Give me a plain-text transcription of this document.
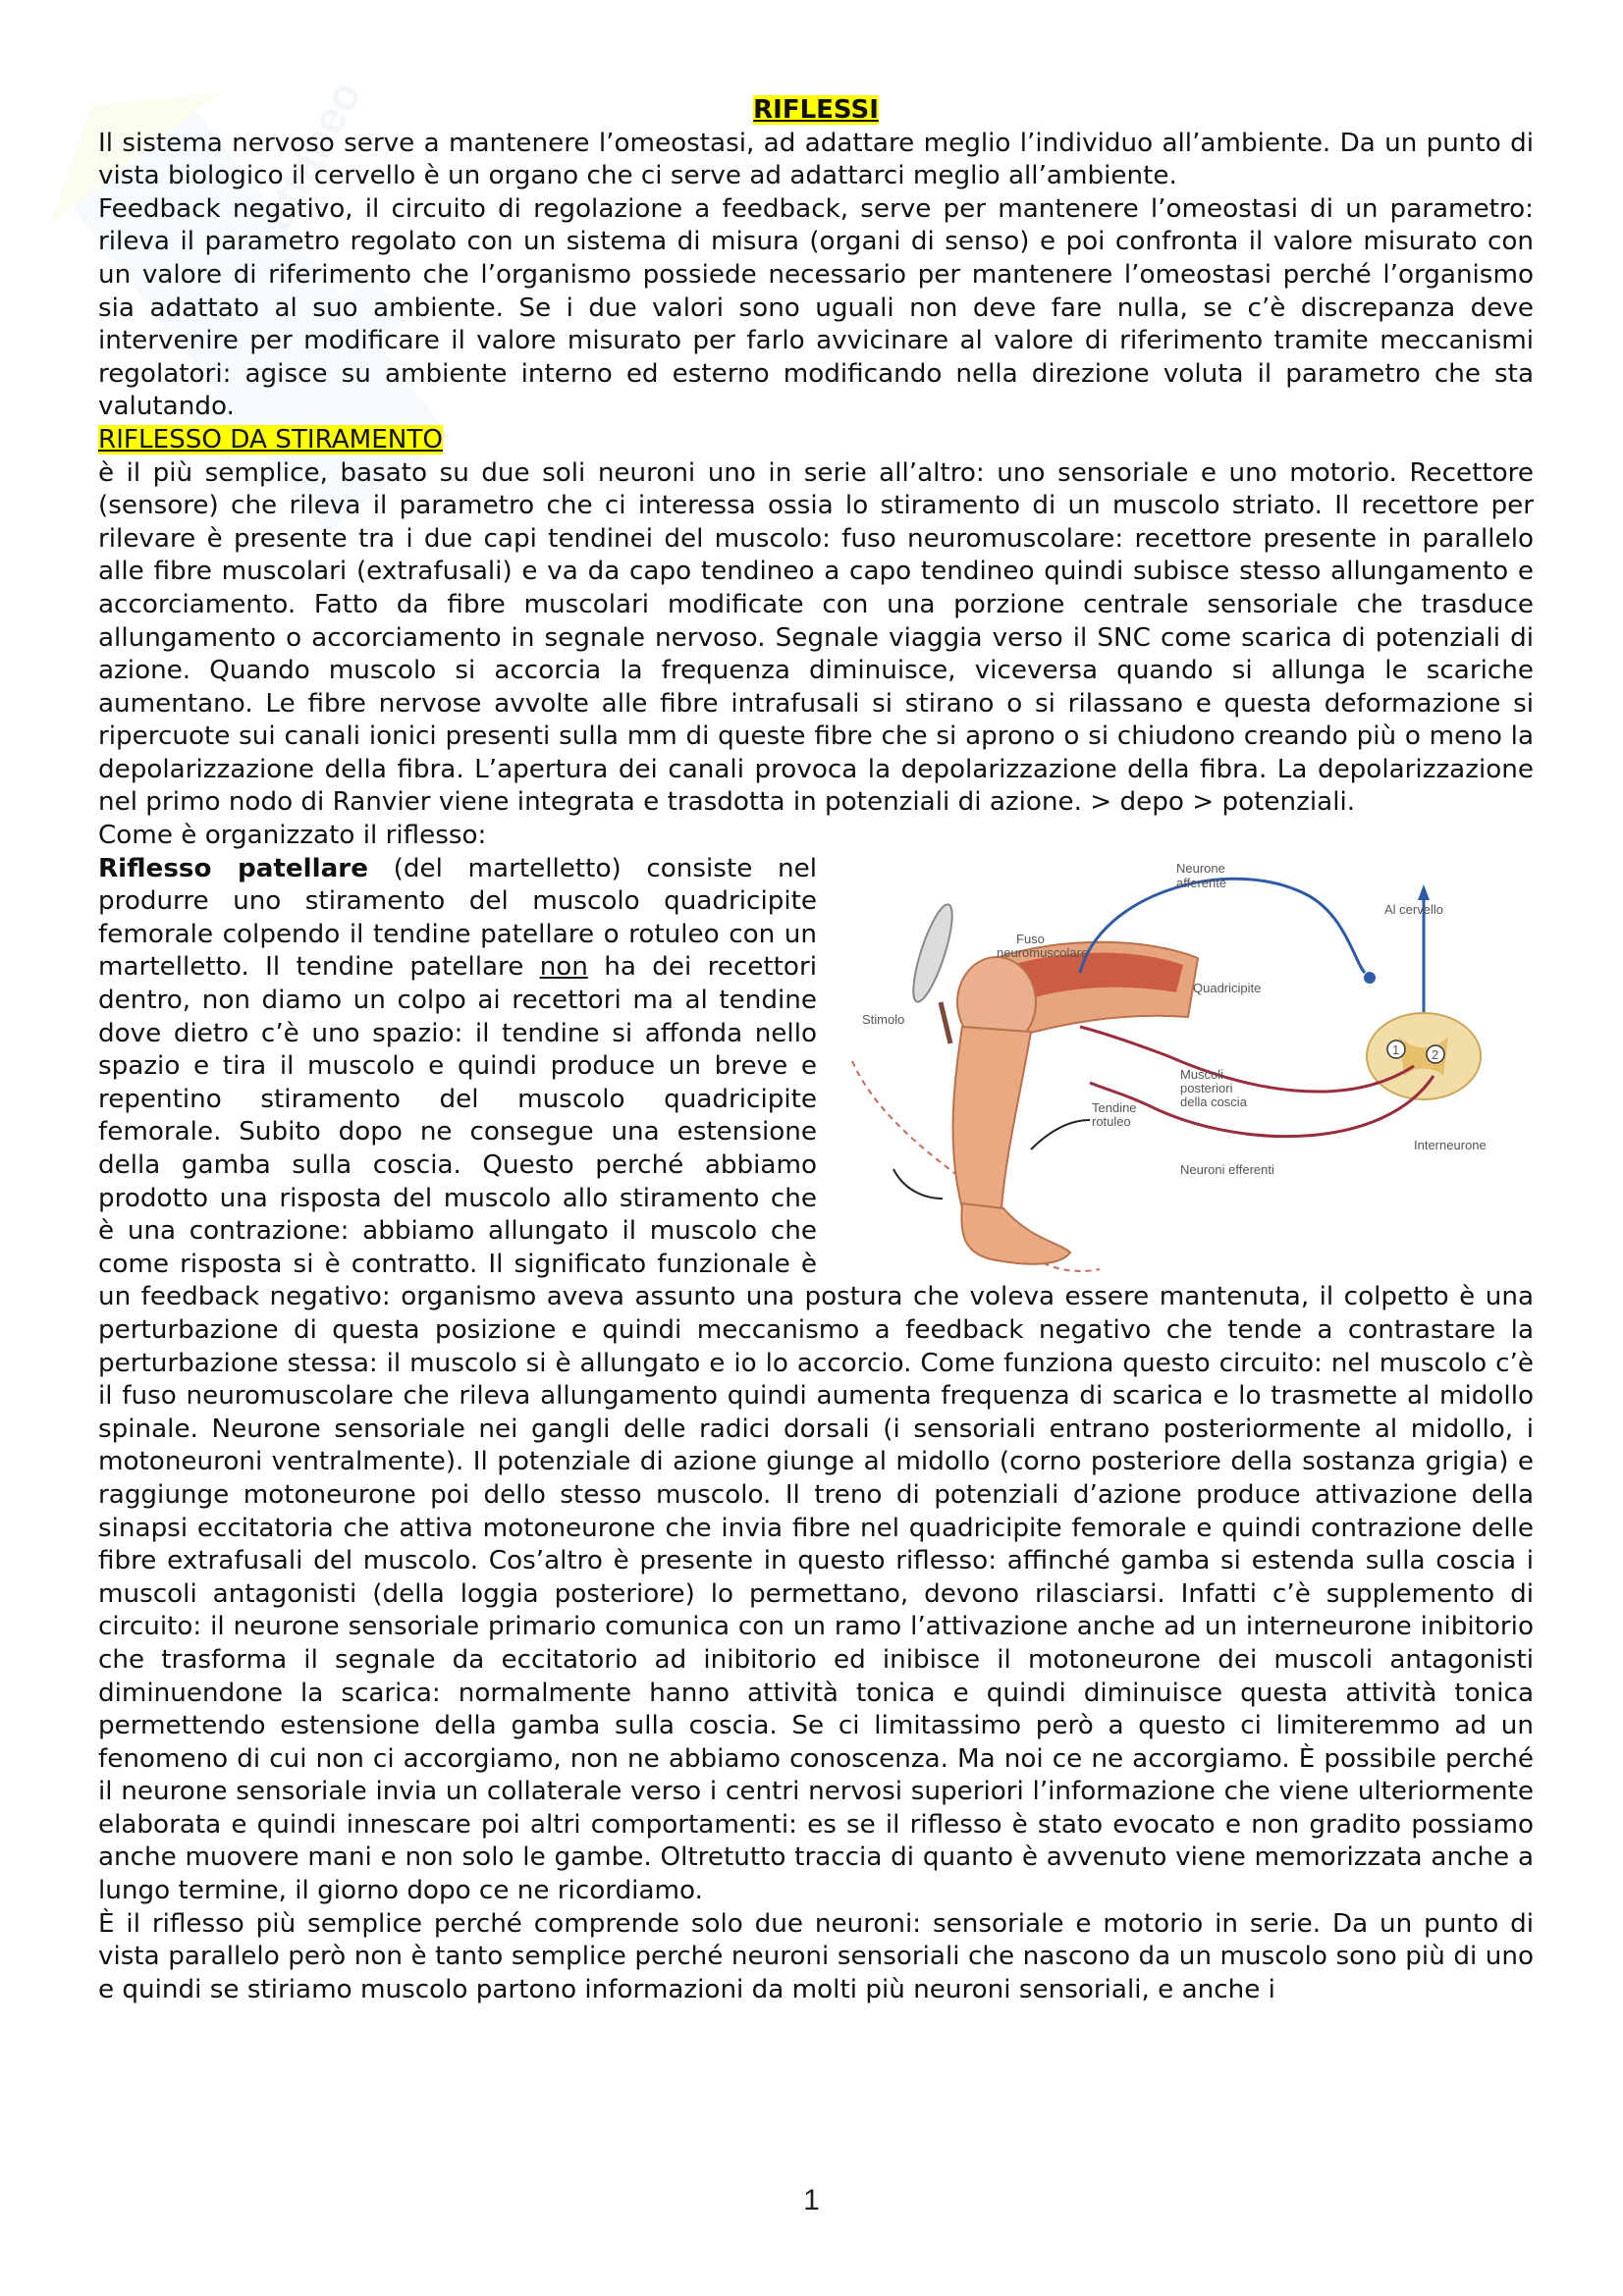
cattaneo	RIFLESSI

Il sistema nervoso serve a mantenere l’omeostasi, ad adattare meglio l’individuo all’ambiente. Da un punto di vista biologico il cervello è un organo che ci serve ad adattarci meglio all’ambiente.

Feedback negativo, il circuito di regolazione a feedback, serve per mantenere l’omeostasi di un parametro: rileva il parametro regolato con un sistema di misura (organi di senso) e poi confronta il valore misurato con un valore di riferimento che l’organismo possiede necessario per mantenere l’omeostasi perché l’organismo sia adattato al suo ambiente. Se i due valori sono uguali non deve fare nulla, se c’è discrepanza deve intervenire per modificare il valore misurato per farlo avvicinare al valore di riferimento tramite meccanismi regolatori: agisce su ambiente interno ed esterno modificando nella direzione voluta il parametro che sta valutando.

RIFLESSO DA STIRAMENTO

è il più semplice, basato su due soli neuroni uno in serie all’altro: uno sensoriale e uno motorio. Recettore (sensore) che rileva il parametro che ci interessa ossia lo stiramento di un muscolo striato. Il recettore per rilevare è presente tra i due capi tendinei del muscolo: fuso neuromuscolare: recettore presente in parallelo alle fibre muscolari (extrafusali) e va da capo tendineo a capo tendineo quindi subisce stesso allungamento e accorciamento. Fatto da fibre muscolari modificate con una porzione centrale sensoriale che trasduce allungamento o accorciamento in segnale nervoso. Segnale viaggia verso il SNC come scarica di potenziali di azione. Quando muscolo si accorcia la frequenza diminuisce, viceversa quando si allunga le scariche aumentano. Le fibre nervose avvolte alle fibre intrafusali si stirano o si rilassano e questa deformazione si ripercuote sui canali ionici presenti sulla mm di queste fibre che si aprono o si chiudono creando più o meno la depolarizzazione della fibra. L’apertura dei canali provoca la depolarizzazione della fibra. La depolarizzazione nel primo nodo di Ranvier viene integrata e trasdotta in potenziali di azione. > depo > potenziali.

Come è organizzato il riflesso:

1	2
Neurone
afferente
Al cervello
Fuso
neuromuscolare
Quadricipite
Stimolo
Muscoli
posteriori
della coscia
Tendine
rotuleo
Interneurone
Neuroni efferenti

Riflesso patellare (del martelletto) consiste nel produrre uno stiramento del muscolo quadricipite femorale colpendo il tendine patellare o rotuleo con un martelletto. Il tendine patellare non ha dei recettori dentro, non diamo un colpo ai recettori ma al tendine dove dietro c’è uno spazio: il tendine si affonda nello spazio e tira il muscolo e quindi produce un breve e repentino stiramento del muscolo quadricipite femorale. Subito dopo ne consegue una estensione della gamba sulla coscia. Questo perché abbiamo prodotto una risposta del muscolo allo stiramento che è una contrazione: abbiamo allungato il muscolo che come risposta si è contratto. Il significato funzionale è un feedback negativo: organismo aveva assunto una postura che voleva essere mantenuta, il colpetto è una perturbazione di questa posizione e quindi meccanismo a feedback negativo che tende a contrastare la perturbazione stessa: il muscolo si è allungato e io lo accorcio. Come funziona questo circuito: nel muscolo c’è il fuso neuromuscolare che rileva allungamento quindi aumenta frequenza di scarica e lo trasmette al midollo spinale. Neurone sensoriale nei gangli delle radici dorsali (i sensoriali entrano posteriormente al midollo, i motoneuroni ventralmente). Il potenziale di azione giunge al midollo (corno posteriore della sostanza grigia) e raggiunge motoneurone poi dello stesso muscolo. Il treno di potenziali d’azione produce attivazione della sinapsi eccitatoria che attiva motoneurone che invia fibre nel quadricipite femorale e quindi contrazione delle fibre extrafusali del muscolo. Cos’altro è presente in questo riflesso: affinché gamba si estenda sulla coscia i muscoli antagonisti (della loggia posteriore) lo permettano, devono rilasciarsi. Infatti c’è supplemento di circuito: il neurone sensoriale primario comunica con un ramo l’attivazione anche ad un interneurone inibitorio che trasforma il segnale da eccitatorio ad inibitorio ed inibisce il motoneurone dei muscoli antagonisti diminuendone la scarica: normalmente hanno attività tonica e quindi diminuisce questa attività tonica permettendo estensione della gamba sulla coscia. Se ci limitassimo però a questo ci limiteremmo ad un fenomeno di cui non ci accorgiamo, non ne abbiamo conoscenza. Ma noi ce ne accorgiamo. È possibile perché il neurone sensoriale invia un collaterale verso i centri nervosi superiori l’informazione che viene ulteriormente elaborata e quindi innescare poi altri comportamenti: es se il riflesso è stato evocato e non gradito possiamo anche muovere mani e non solo le gambe. Oltretutto traccia di quanto è avvenuto viene memorizzata anche a lungo termine, il giorno dopo ce ne ricordiamo.

È il riflesso più semplice perché comprende solo due neuroni: sensoriale e motorio in serie. Da un punto di vista parallelo però non è tanto semplice perché neuroni sensoriali che nascono da un muscolo sono più di uno e quindi se stiriamo muscolo partono informazioni da molti più neuroni sensoriali, e anche i

1
